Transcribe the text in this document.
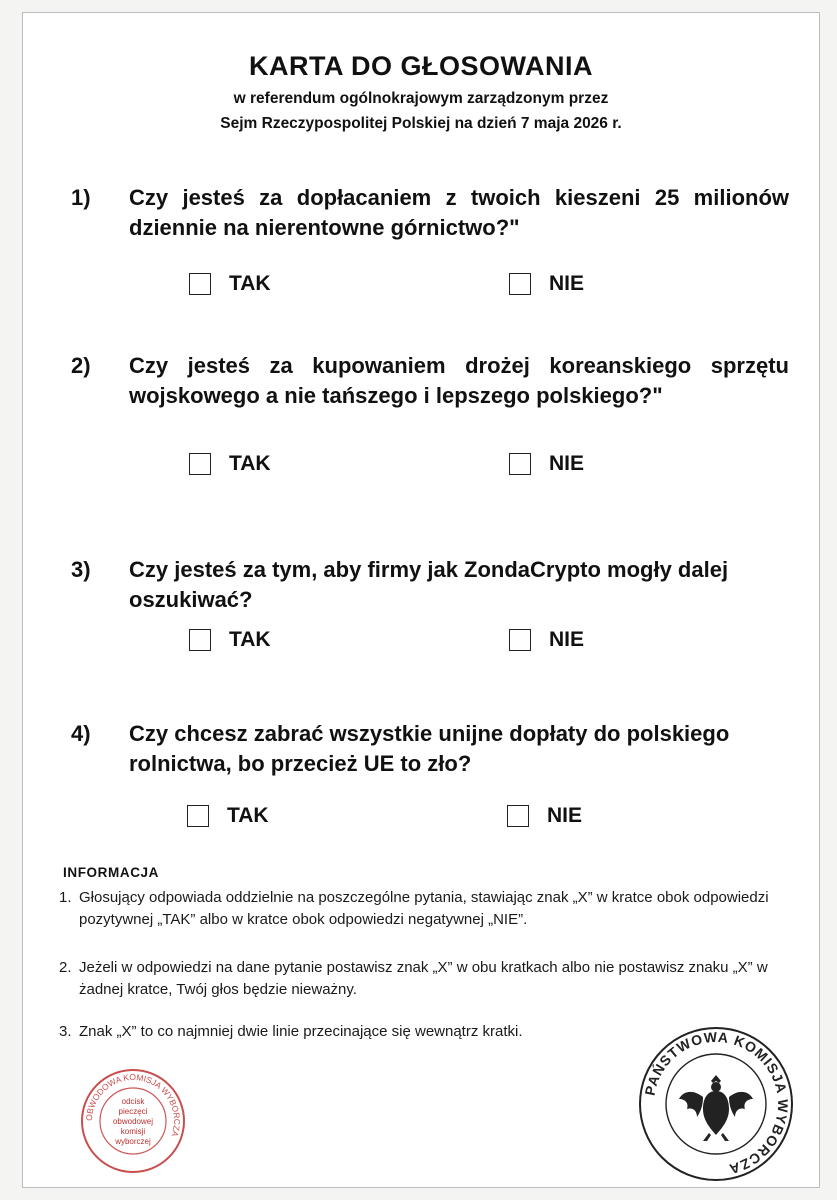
KARTA DO GŁOSOWANIA
w referendum ogólnokrajowym zarządzonym przez
Sejm Rzeczypospolitej Polskiej na dzień 7 maja 2026 r.
1)	Czy jesteś za dopłacaniem z twoich kieszeni 25 milionów dziennie na nierentowne górnictwo?"
TAK	NIE
2)	Czy jesteś za kupowaniem drożej koreanskiego sprzętu wojskowego a nie tańszego i lepszego polskiego?"
TAK	NIE
3)	Czy jesteś za tym, aby firmy jak ZondaCrypto mogły dalej oszukiwać?
TAK	NIE
4)	Czy chcesz zabrać wszystkie unijne dopłaty do polskiego rolnictwa, bo przecież UE to zło?
TAK	NIE
INFORMACJA
1. Głosujący odpowiada oddzielnie na poszczególne pytania, stawiając znak „X” w kratce obok odpowiedzi pozytywnej „TAK” albo w kratce obok odpowiedzi negatywnej „NIE”.
2. Jeżeli w odpowiedzi na dane pytanie postawisz znak „X” w obu kratkach albo nie postawisz znaku „X” w żadnej kratce, Twój głos będzie nieważny.
3. Znak „X” to co najmniej dwie linie przecinające się wewnątrz kratki.
OBWODOWA KOMISJA WYBORCZA
odcisk pieczęci obwodowej komisji wyborczej
PAŃSTWOWA KOMISJA WYBORCZA
